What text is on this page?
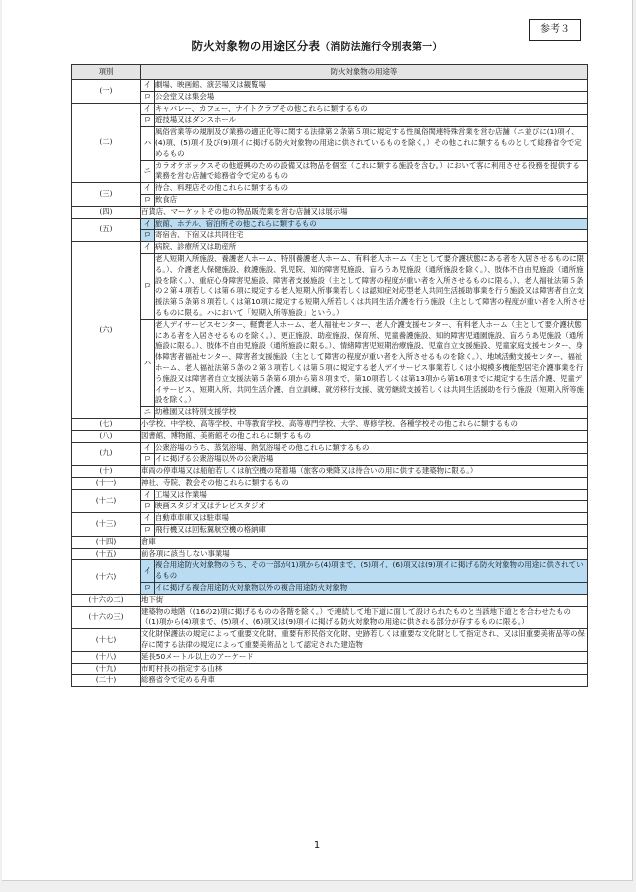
参考３
防火対象物の用途区分表（消防法施行令別表第一）
項別	防火対象物の用途等	
(一)	イ	劇場、映画館、演芸場又は観覧場
	ロ	公会堂又は集会場
(二)	イ	キャバレー、カフェー、ナイトクラブその他これらに類するもの
	ロ	遊技場又はダンスホール
	ハ	風俗営業等の規制及び業務の適正化等に関する法律第２条第５項に規定する性風俗関連特殊営業を営む店舗（ニ並びに(1)項イ、(4)項、(5)項イ及び(9)項イに掲げる防火対象物の用途に供されているものを除く。）その他これに類するものとして総務省令で定めるもの
	ニ	カラオケボックスその他遊興のための設備又は物品を個室（これに類する施設を含む。）において客に利用させる役務を提供する業務を営む店舗で総務省令で定めるもの
(三)	イ	待合、料理店その他これらに類するもの
	ロ	飲食店
(四)	百貨店、マーケットその他の物品販売業を営む店舗又は展示場	
(五)	イ	旅館、ホテル、宿泊所その他これらに類するもの
	ロ	寄宿舎、下宿又は共同住宅
(六)	イ	病院、診療所又は助産所
	ロ	老人短期入所施設、養護老人ホーム、特別養護老人ホーム、有料老人ホーム（主として要介護状態にある者を入居させるものに限る。）、介護老人保健施設、救護施設、乳児院、知的障害児施設、盲ろうあ児施設（通所施設を除く。）、肢体不自由児施設（通所施設を除く。）、重症心身障害児施設、障害者支援施設（主として障害の程度が重い者を入所させるものに限る。）、老人福祉法第５条の２第４項若しくは第６項に規定する老人短期入所事業若しくは認知症対応型老人共同生活援助事業を行う施設又は障害者自立支援法第５条第８項若しくは第10項に規定する短期入所若しくは共同生活介護を行う施設（主として障害の程度が重い者を入所させるものに限る。ハにおいて「短期入所等施設」という。）
	ハ	老人デイサービスセンター、軽費老人ホーム、老人福祉センター、老人介護支援センター、有料老人ホーム（主として要介護状態にある者を入居させるものを除く。）、更正施設、助産施設、保育所、児童養護施設、知的障害児通園施設、盲ろうあ児施設（通所施設に限る。）、肢体不自由児施設（通所施設に限る。）、情緒障害児短期治療施設、児童自立支援施設、児童家庭支援センター、身体障害者福祉センター、障害者支援施設（主として障害の程度が重い者を入所させるものを除く。）、地域活動支援センター、福祉ホーム、老人福祉法第５条の２第３項若しくは第５項に規定する老人デイサービス事業若しくは小規模多機能型居宅介護事業を行う施設又は障害者自立支援法第５条第６項から第８項まで、第10項若しくは第13項から第16項までに規定する生活介護、児童デイサービス、短期入所、共同生活介護、自立訓練、就労移行支援、就労継続支援若しくは共同生活援助を行う施設（短期入所等施設を除く。）
	ニ	幼稚園又は特別支援学校
(七)	小学校、中学校、高等学校、中等教育学校、高等専門学校、大学、専修学校、各種学校その他これらに類するもの	
(八)	図書館、博物館、美術館その他これらに類するもの	
(九)	イ	公衆浴場のうち、蒸気浴場、熱気浴場その他これらに類するもの
	ロ	イに掲げる公衆浴場以外の公衆浴場
(十)	車両の停車場又は船舶若しくは航空機の発着場（旅客の乗降又は待合いの用に供する建築物に限る。）	
(十一)	神社、寺院、教会その他これらに類するもの	
(十二)	イ	工場又は作業場
	ロ	映画スタジオ又はテレビスタジオ
(十三)	イ	自動車車庫又は駐車場
	ロ	飛行機又は回転翼航空機の格納庫
(十四)	倉庫	
(十五)	前各項に該当しない事業場	
(十六)	イ	複合用途防火対象物のうち、その一部が(1)項から(4)項まで、(5)項イ、(6)項又は(9)項イに掲げる防火対象物の用途に供されているもの
	ロ	イに掲げる複合用途防火対象物以外の複合用途防火対象物
(十六の二)	地下街	
(十六の三)	建築物の地階（(16の2)項に掲げるものの各階を除く。）で連続して地下道に面して設けられたものと当該地下道とを合わせたもの（(1)項から(4)項まで、(5)項イ、(6)項又は(9)項イに掲げる防火対象物の用途に供される部分が存するものに限る。）	
(十七)	文化財保護法の規定によって重要文化財、重要有形民俗文化財、史跡若しくは重要な文化財として指定され、又は旧重要美術品等の保存に関する法律の規定によって重要美術品として認定された建造物	
(十八)	延長50メートル以上のアーケード	
(十九)	市町村長の指定する山林	
(二十)	総務省令で定める舟車	
1
